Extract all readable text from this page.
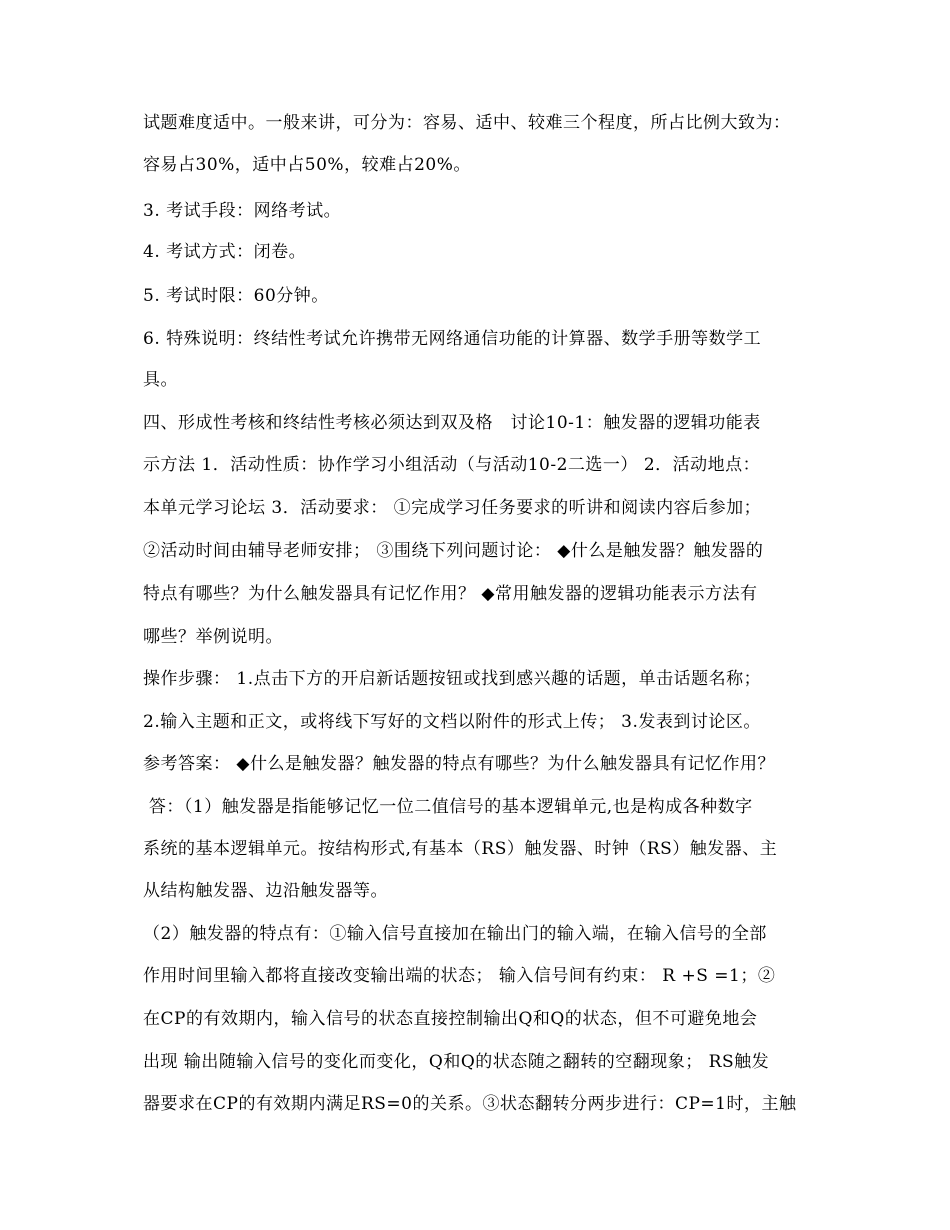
试题难度适中。一般来讲，可分为：容易、适中、较难三个程度，所占比例大致为：
容易占30%，适中占50%，较难占20%。
3. 考试手段：网络考试。
4. 考试方式：闭卷。
5. 考试时限：60分钟。
6. 特殊说明：终结性考试允许携带无网络通信功能的计算器、数学手册等数学工
具。
四、形成性考核和终结性考核必须达到双及格　讨论10-1：触发器的逻辑功能表
示方法 1．活动性质：协作学习小组活动（与活动10-2二选一） 2．活动地点：
本单元学习论坛 3．活动要求： ①完成学习任务要求的听讲和阅读内容后参加；
②活动时间由辅导老师安排； ③围绕下列问题讨论： ◆什么是触发器？触发器的
特点有哪些？为什么触发器具有记忆作用？ ◆常用触发器的逻辑功能表示方法有
哪些？举例说明。
操作步骤： 1.点击下方的开启新话题按钮或找到感兴趣的话题，单击话题名称；
2.输入主题和正文，或将线下写好的文档以附件的形式上传； 3.发表到讨论区。
参考答案： ◆什么是触发器？触发器的特点有哪些？为什么触发器具有记忆作用？
答：（1）触发器是指能够记忆一位二值信号的基本逻辑单元,也是构成各种数字
系统的基本逻辑单元。按结构形式,有基本（RS）触发器、时钟（RS）触发器、主
从结构触发器、边沿触发器等。
（2）触发器的特点有：①输入信号直接加在输出门的输入端，在输入信号的全部
作用时间里输入都将直接改变输出端的状态； 输入信号间有约束： R +S =1；②
在CP的有效期内，输入信号的状态直接控制输出Q和Q的状态，但不可避免地会
出现 输出随输入信号的变化而变化，Q和Q的状态随之翻转的空翻现象； RS触发
器要求在CP的有效期内满足RS=0的关系。③状态翻转分两步进行：CP=1时，主触
